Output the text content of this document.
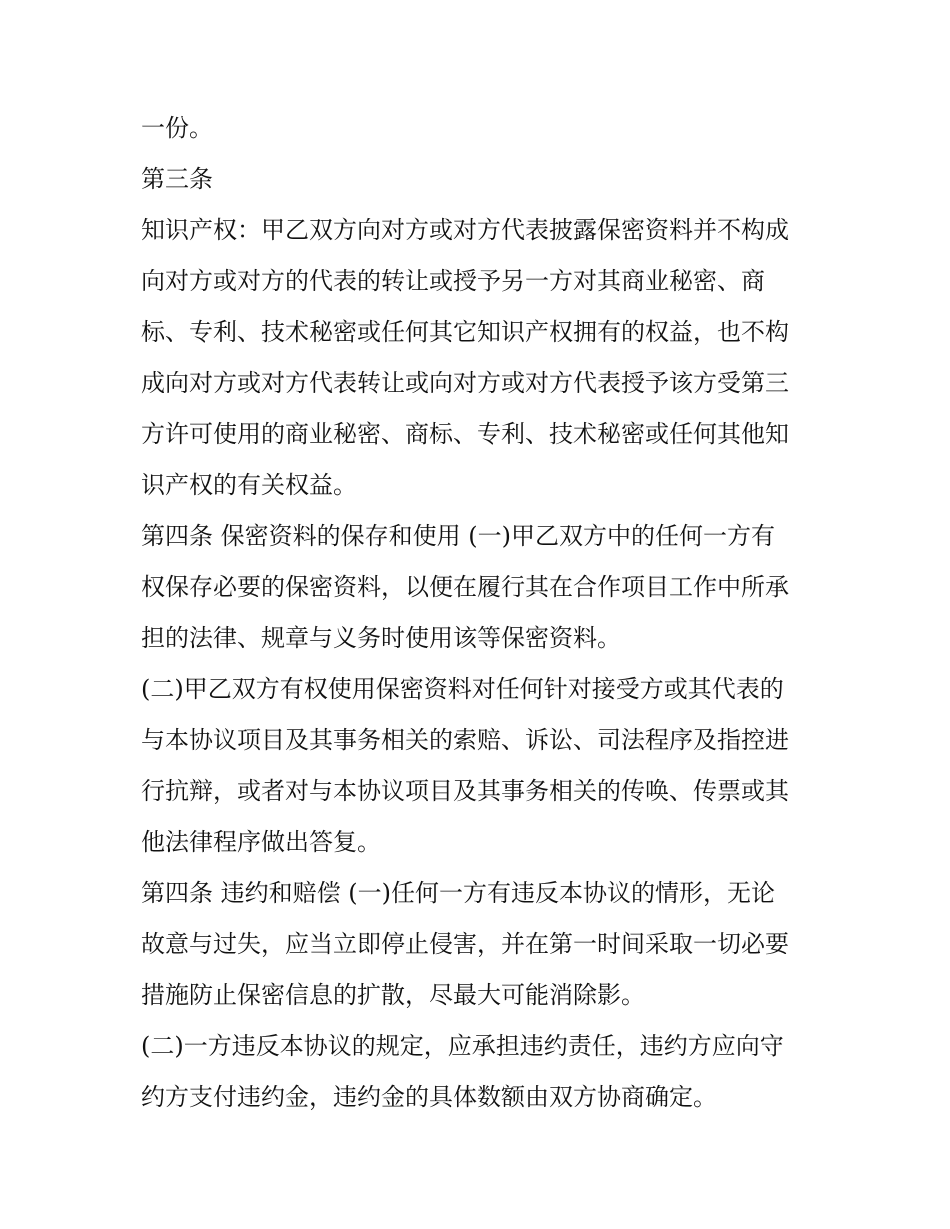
一份。
第三条
知识产权：甲乙双方向对方或对方代表披露保密资料并不构成
向对方或对方的代表的转让或授予另一方对其商业秘密、商
标、专利、技术秘密或任何其它知识产权拥有的权益，也不构
成向对方或对方代表转让或向对方或对方代表授予该方受第三
方许可使用的商业秘密、商标、专利、技术秘密或任何其他知
识产权的有关权益。
第四条 保密资料的保存和使用 (一)甲乙双方中的任何一方有
权保存必要的保密资料，以便在履行其在合作项目工作中所承
担的法律、规章与义务时使用该等保密资料。
(二)甲乙双方有权使用保密资料对任何针对接受方或其代表的
与本协议项目及其事务相关的索赔、诉讼、司法程序及指控进
行抗辩，或者对与本协议项目及其事务相关的传唤、传票或其
他法律程序做出答复。
第四条 违约和赔偿 (一)任何一方有违反本协议的情形，无论
故意与过失，应当立即停止侵害，并在第一时间采取一切必要
措施防止保密信息的扩散，尽最大可能消除影。
(二)一方违反本协议的规定，应承担违约责任，违约方应向守
约方支付违约金，违约金的具体数额由双方协商确定。
